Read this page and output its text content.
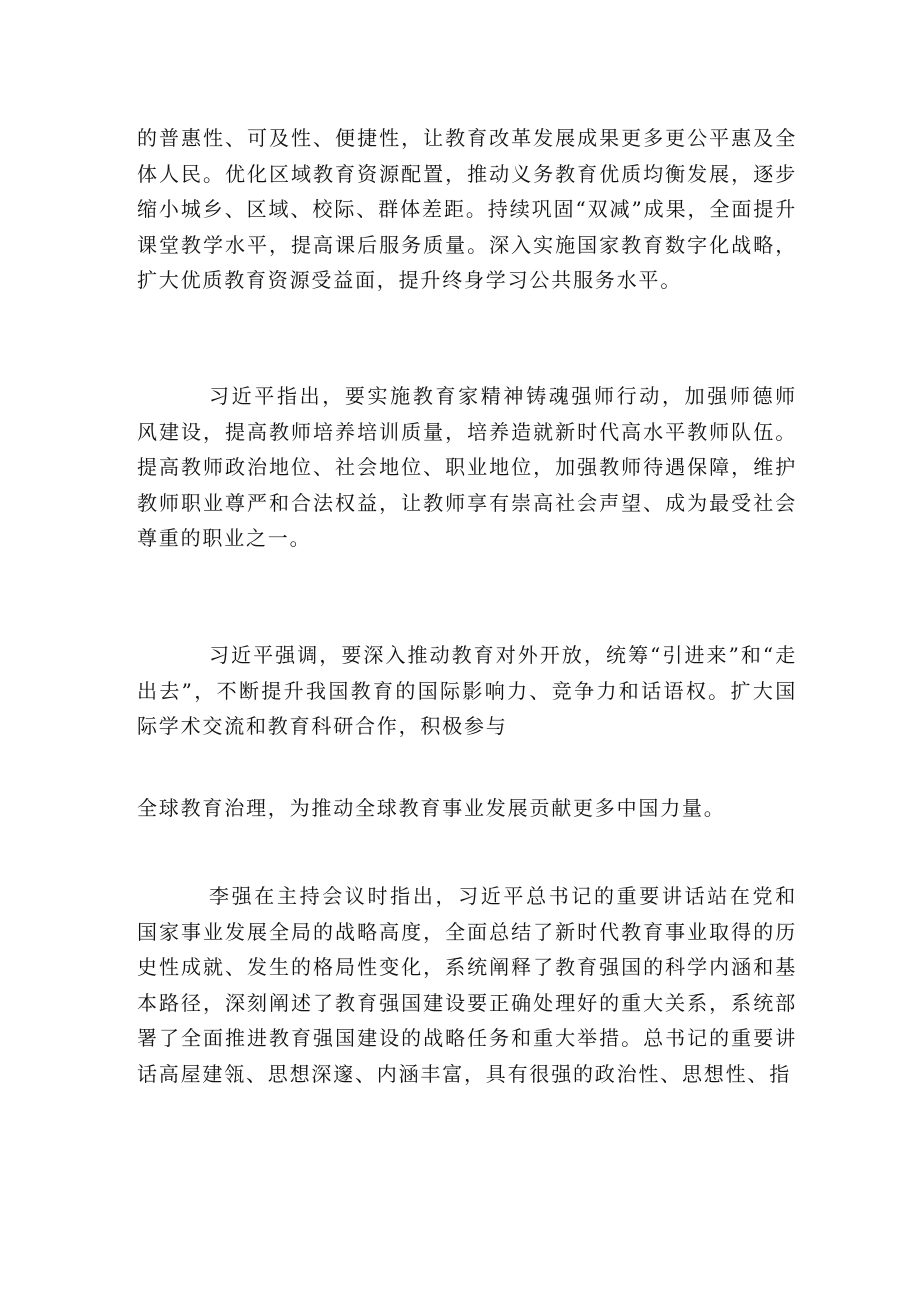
的普惠性、可及性、便捷性，让教育改革发展成果更多更公平惠及全体人民。优化区域教育资源配置，推动义务教育优质均衡发展，逐步缩小城乡、区域、校际、群体差距。持续巩固“双减”成果，全面提升课堂教学水平，提高课后服务质量。深入实施国家教育数字化战略，扩大优质教育资源受益面，提升终身学习公共服务水平。

习近平指出，要实施教育家精神铸魂强师行动，加强师德师风建设，提高教师培养培训质量，培养造就新时代高水平教师队伍。提高教师政治地位、社会地位、职业地位，加强教师待遇保障，维护教师职业尊严和合法权益，让教师享有崇高社会声望、成为最受社会尊重的职业之一。

习近平强调，要深入推动教育对外开放，统筹“引进来”和“走出去”，不断提升我国教育的国际影响力、竞争力和话语权。扩大国际学术交流和教育科研合作，积极参与

全球教育治理，为推动全球教育事业发展贡献更多中国力量。

李强在主持会议时指出，习近平总书记的重要讲话站在党和国家事业发展全局的战略高度，全面总结了新时代教育事业取得的历史性成就、发生的格局性变化，系统阐释了教育强国的科学内涵和基本路径，深刻阐述了教育强国建设要正确处理好的重大关系，系统部署了全面推进教育强国建设的战略任务和重大举措。总书记的重要讲话高屋建瓴、思想深邃、内涵丰富，具有很强的政治性、思想性、指
